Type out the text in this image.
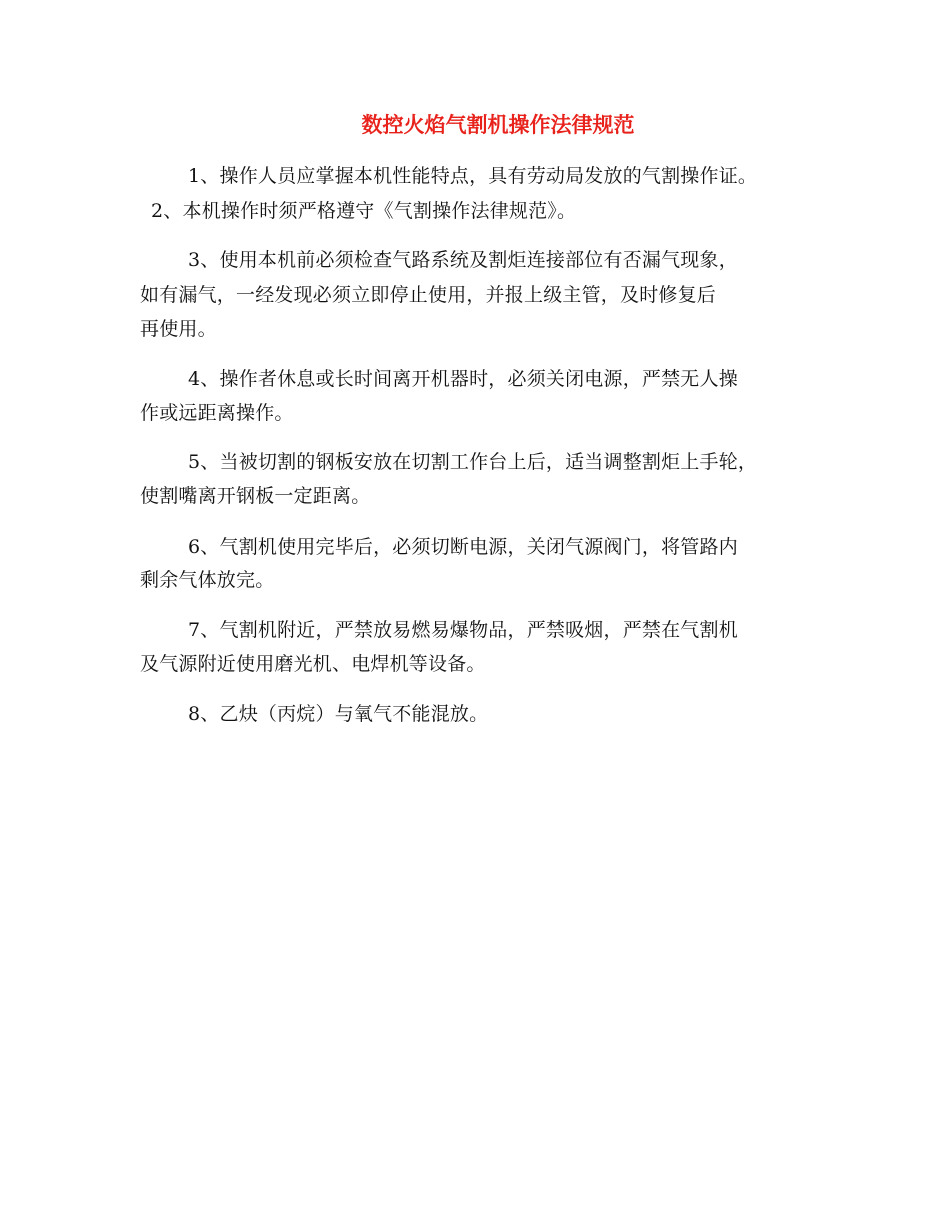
数控火焰气割机操作法律规范

1、操作人员应掌握本机性能特点，具有劳动局发放的气割操作证。

2、本机操作时须严格遵守《气割操作法律规范》。

3、使用本机前必须检查气路系统及割炬连接部位有否漏气现象，

如有漏气，一经发现必须立即停止使用，并报上级主管，及时修复后

再使用。

4、操作者休息或长时间离开机器时，必须关闭电源，严禁无人操

作或远距离操作。

5、当被切割的钢板安放在切割工作台上后，适当调整割炬上手轮，

使割嘴离开钢板一定距离。

6、气割机使用完毕后，必须切断电源，关闭气源阀门，将管路内

剩余气体放完。

7、气割机附近，严禁放易燃易爆物品，严禁吸烟，严禁在气割机

及气源附近使用磨光机、电焊机等设备。

8、乙炔（丙烷）与氧气不能混放。
